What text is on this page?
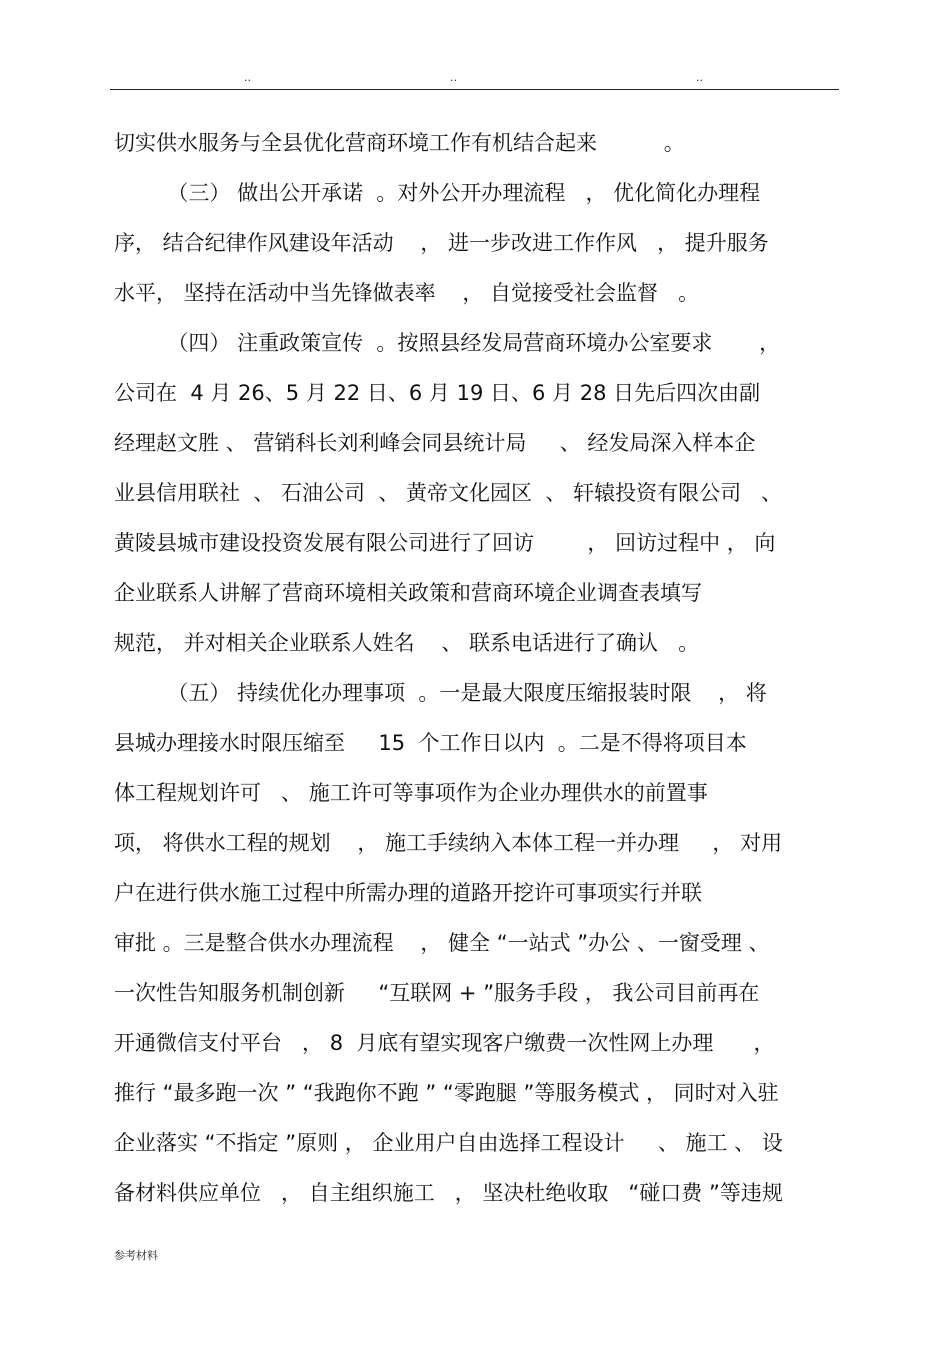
..	..	..
切实供水服务与全县优化营商环境工作有机结合起来          。
（三） 做出公开承诺  。对外公开办理流程   ， 优化简化办理程
序， 结合纪律作风建设年活动    ， 进一步改进工作作风   ， 提升服务
水平， 坚持在活动中当先锋做表率    ， 自觉接受社会监督   。
（四） 注重政策宣传  。按照县经发局营商环境办公室要求       ，
公司在  4 月 26、5 月 22 日、6 月 19 日、6 月 28 日先后四次由副
经理赵文胜 、 营销科长刘利峰会同县统计局     、 经发局深入样本企
业县信用联社  、 石油公司  、 黄帝文化园区  、 轩辕投资有限公司   、
黄陵县城市建设投资发展有限公司进行了回访        ， 回访过程中 ， 向
企业联系人讲解了营商环境相关政策和营商环境企业调查表填写
规范， 并对相关企业联系人姓名    、 联系电话进行了确认   。
（五） 持续优化办理事项  。一是最大限度压缩报装时限    ， 将
县城办理接水时限压缩至     15  个工作日以内  。二是不得将项目本
体工程规划许可   、 施工许可等事项作为企业办理供水的前置事
项， 将供水工程的规划    ， 施工手续纳入本体工程一并办理     ， 对用
户在进行供水施工过程中所需办理的道路开挖许可事项实行并联
审批 。三是整合供水办理流程    ， 健全 “一站式 ”办公 、一窗受理 、
一次性告知服务机制创新     “互联网 + ”服务手段 ， 我公司目前再在
开通微信支付平台   ， 8  月底有望实现客户缴费一次性网上办理      ，
推行 “最多跑一次 ” “我跑你不跑 ” “零跑腿 ”等服务模式 ， 同时对入驻
企业落实 “不指定 ”原则 ， 企业用户自由选择工程设计     、 施工 、 设
备材料供应单位   ， 自主组织施工   ， 坚决杜绝收取   “碰口费 ”等违规
参考材料
